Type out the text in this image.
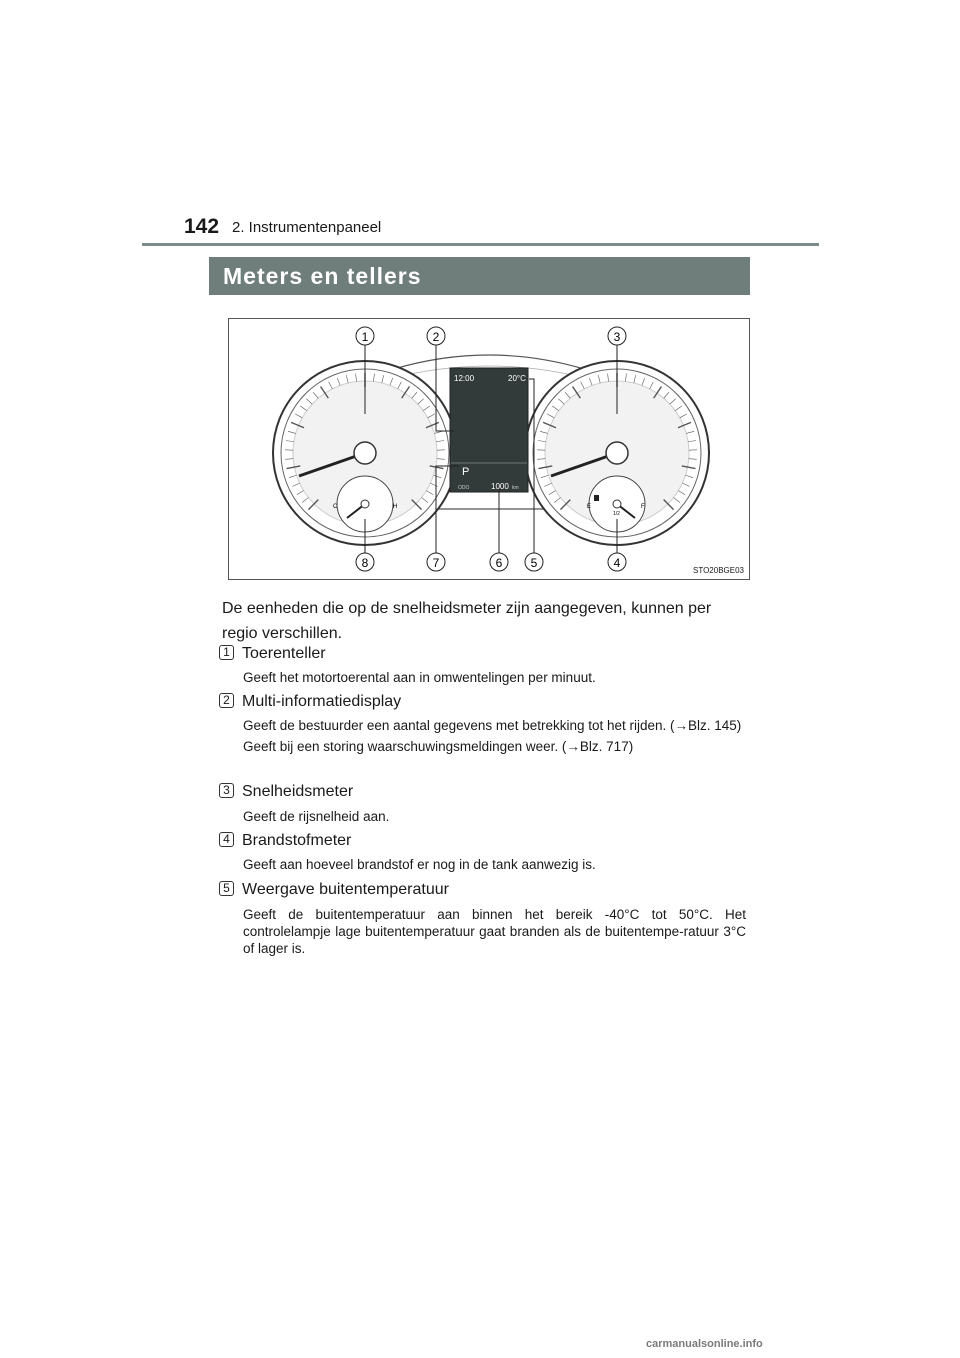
142 2. Instrumentenpaneel
Meters en tellers
C	H	E
1/2
F
12:00	20°C
P
ODO	1000 km
1	2	3
4
5
6
7
8
STO20BGE03
De eenheden die op de snelheidsmeter zijn aangegeven, kunnen per regio verschillen.
1 Toerenteller

Geeft het motortoerental aan in omwentelingen per minuut.

2 Multi-informatiedisplay

Geeft de bestuurder een aantal gegevens met betrekking tot het rijden. (→Blz. 145)

Geeft bij een storing waarschuwingsmeldingen weer. (→Blz. 717)

3 Snelheidsmeter

Geeft de rijsnelheid aan.

4 Brandstofmeter

Geeft aan hoeveel brandstof er nog in de tank aanwezig is.

5 Weergave buitentemperatuur

Geeft de buitentemperatuur aan binnen het bereik -40°C tot 50°C. Het controlelampje lage buitentemperatuur gaat branden als de buitentempe-ratuur 3°C of lager is.

carmanualsonline.info
